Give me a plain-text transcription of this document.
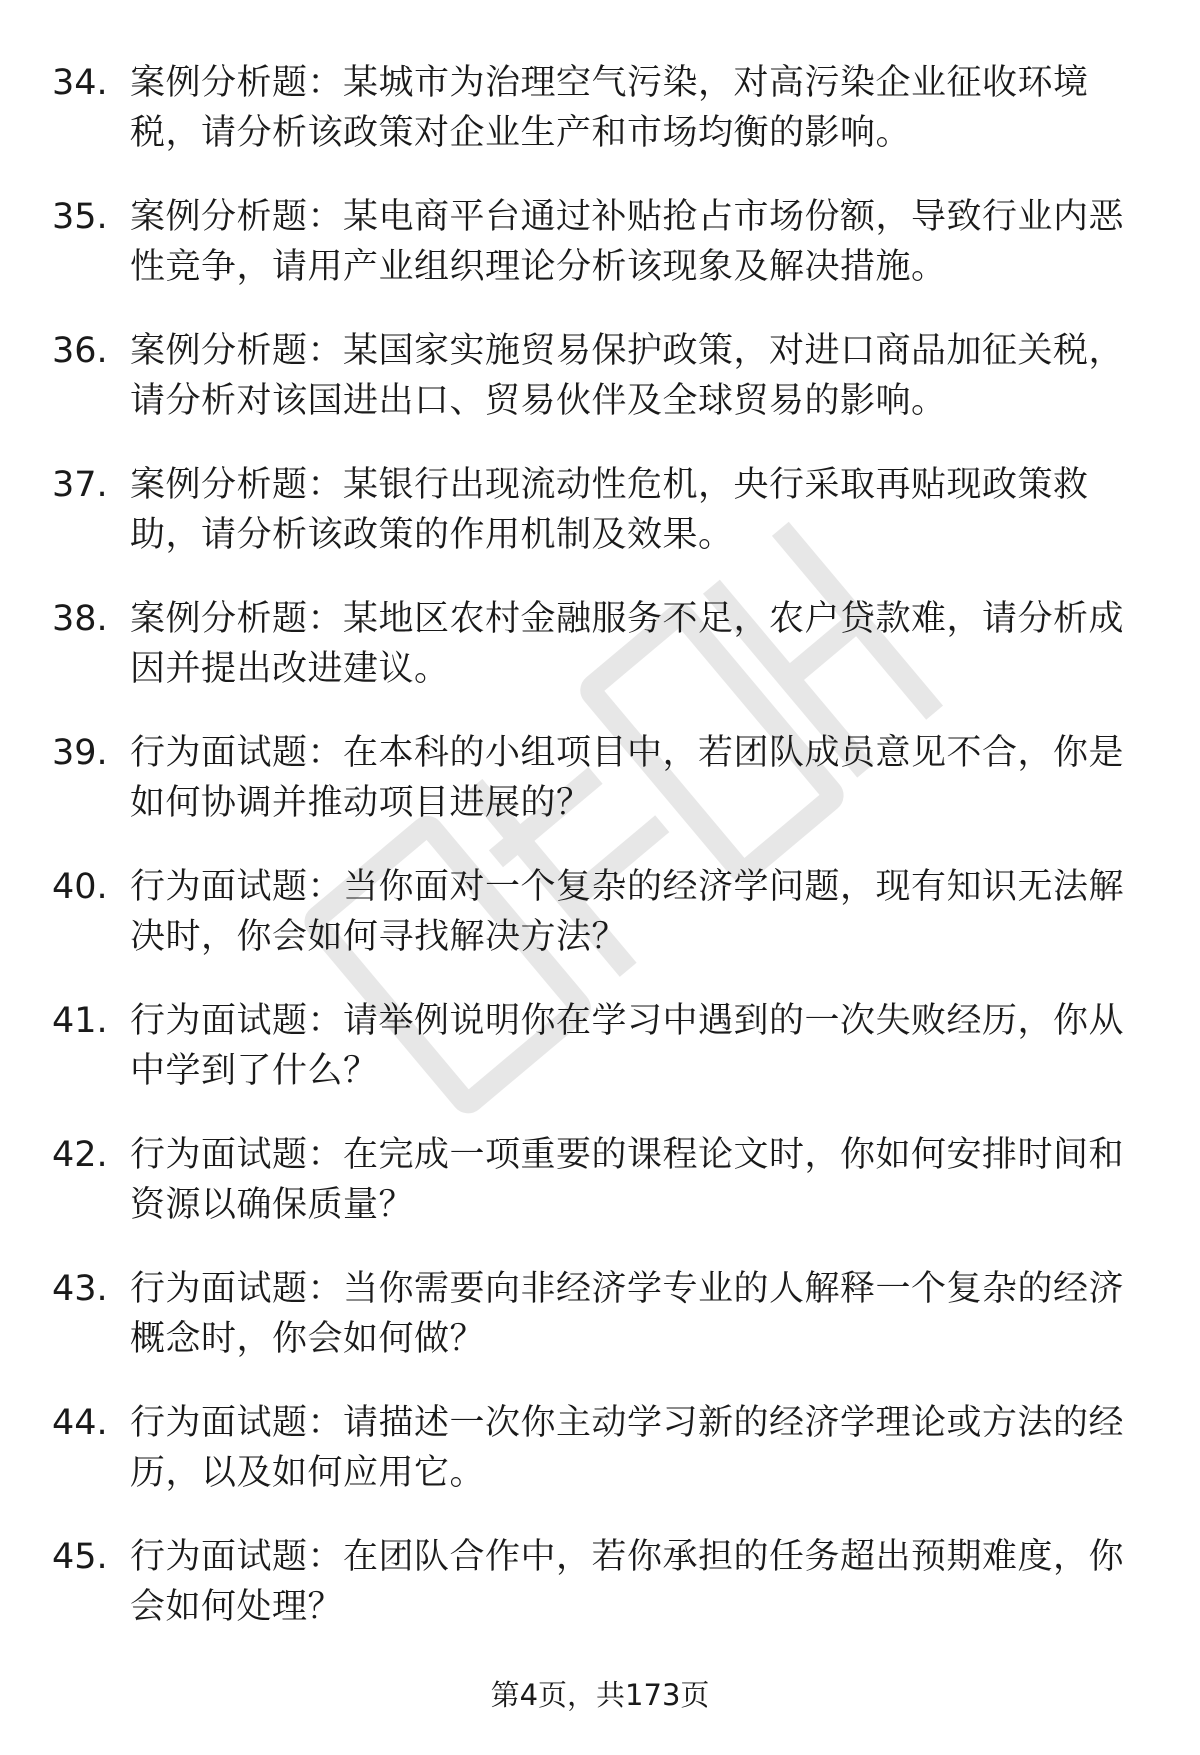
34. 案例分析题：某城市为治理空气污染，对高污染企业征收环境税，请分析该政策对企业生产和市场均衡的影响。
35. 案例分析题：某电商平台通过补贴抢占市场份额，导致行业内恶性竞争，请用产业组织理论分析该现象及解决措施。
36. 案例分析题：某国家实施贸易保护政策，对进口商品加征关税，请分析对该国进出口、贸易伙伴及全球贸易的影响。
37. 案例分析题：某银行出现流动性危机，央行采取再贴现政策救助，请分析该政策的作用机制及效果。
38. 案例分析题：某地区农村金融服务不足，农户贷款难，请分析成因并提出改进建议。
39. 行为面试题：在本科的小组项目中，若团队成员意见不合，你是如何协调并推动项目进展的？
40. 行为面试题：当你面对一个复杂的经济学问题，现有知识无法解决时，你会如何寻找解决方法？
41. 行为面试题：请举例说明你在学习中遇到的一次失败经历，你从中学到了什么？
42. 行为面试题：在完成一项重要的课程论文时，你如何安排时间和资源以确保质量？
43. 行为面试题：当你需要向非经济学专业的人解释一个复杂的经济概念时，你会如何做？
44. 行为面试题：请描述一次你主动学习新的经济学理论或方法的经历，以及如何应用它。
45. 行为面试题：在团队合作中，若你承担的任务超出预期难度，你会如何处理？
第4页，共173页
